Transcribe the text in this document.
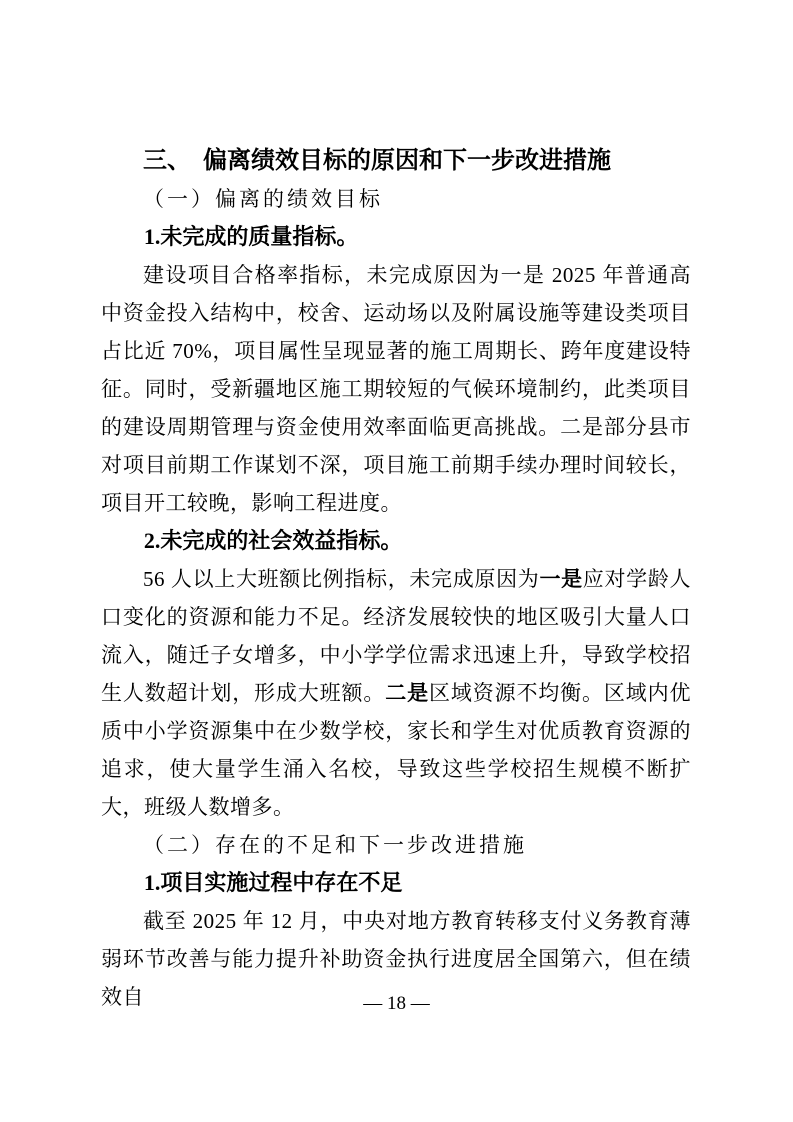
三、　偏离绩效目标的原因和下一步改进措施

（一）偏离的绩效目标

1.未完成的质量指标。

建设项目合格率指标，未完成原因为一是 2025 年普通高中资金投入结构中，校舍、运动场以及附属设施等建设类项目占比近 70%，项目属性呈现显著的施工周期长、跨年度建设特征。同时，受新疆地区施工期较短的气候环境制约，此类项目的建设周期管理与资金使用效率面临更高挑战。二是部分县市对项目前期工作谋划不深，项目施工前期手续办理时间较长，项目开工较晚，影响工程进度。

2.未完成的社会效益指标。

56 人以上大班额比例指标，未完成原因为一是应对学龄人口变化的资源和能力不足。经济发展较快的地区吸引大量人口流入，随迁子女增多，中小学学位需求迅速上升，导致学校招生人数超计划，形成大班额。二是区域资源不均衡。区域内优质中小学资源集中在少数学校，家长和学生对优质教育资源的追求，使大量学生涌入名校，导致这些学校招生规模不断扩大，班级人数增多。

（二）存在的不足和下一步改进措施

1.项目实施过程中存在不足

截至 2025 年 12 月，中央对地方教育转移支付义务教育薄弱环节改善与能力提升补助资金执行进度居全国第六，但在绩效自	— 18 —
